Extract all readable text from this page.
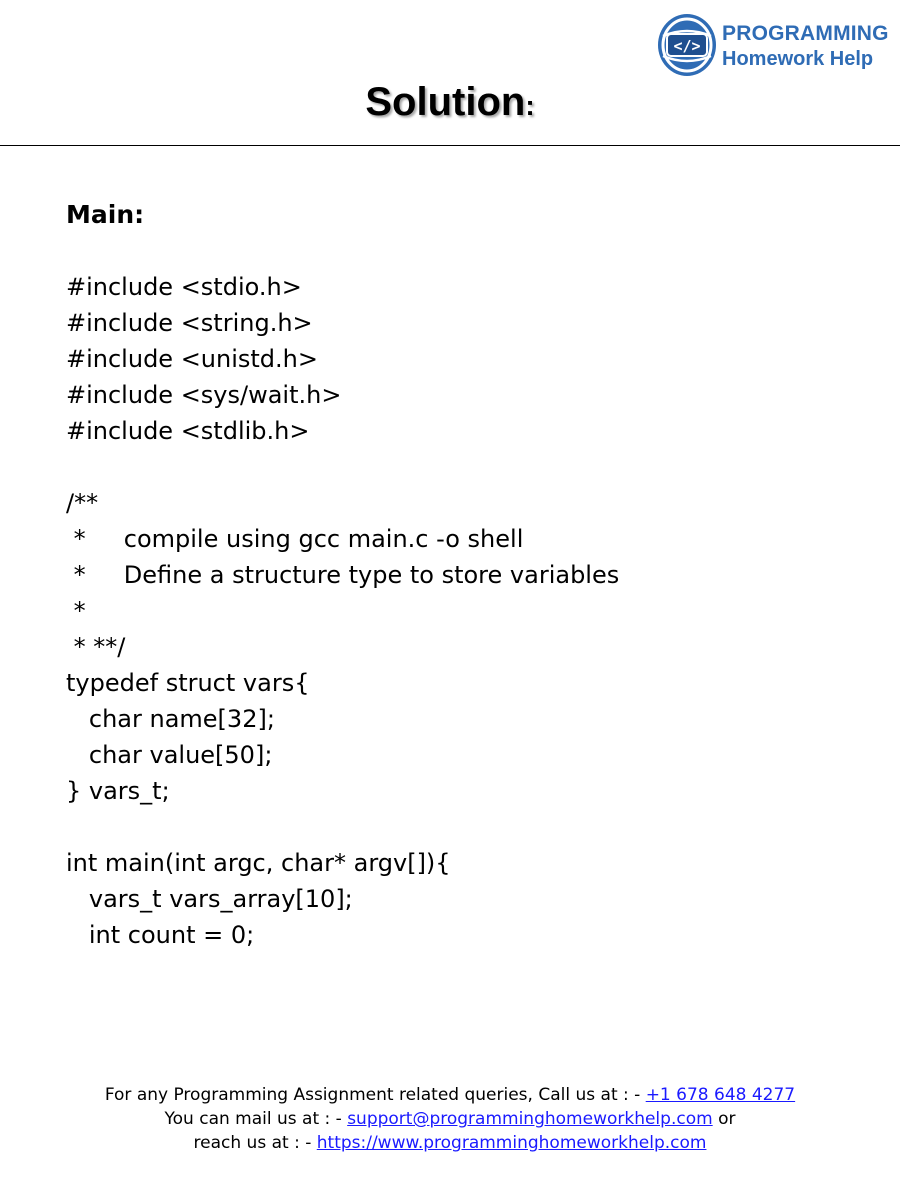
</>
PROGRAMMING
Homework Help
Solution:
Main:
#include <stdio.h>
#include <string.h>
#include <unistd.h>
#include <sys/wait.h>
#include <stdlib.h>
/**
*     compile using gcc main.c -o shell
*     Define a structure type to store variables
*
* **/
typedef struct vars{
char name[32];
char value[50];
} vars_t;
int main(int argc, char* argv[]){
vars_t vars_array[10];
int count = 0;
For any Programming Assignment related queries, Call us at : - +1 678 648 4277
You can mail us at : - support@programminghomeworkhelp.com or
reach us at : - https://www.programminghomeworkhelp.com
